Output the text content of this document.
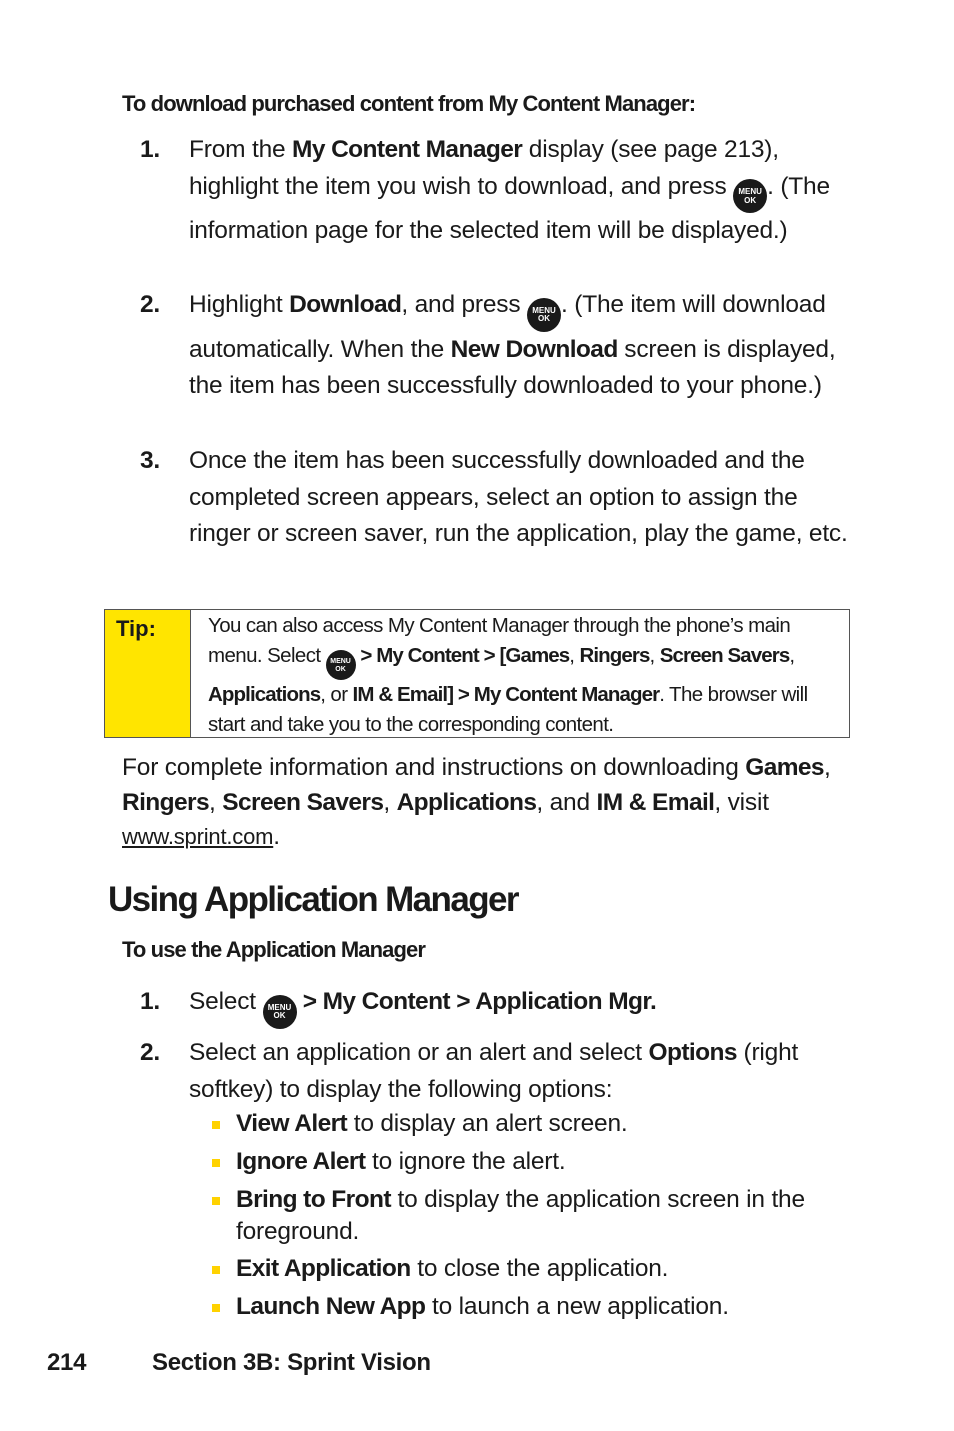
To download purchased content from My Content Manager:
1.	From the My Content Manager display (see page 213), highlight the item you wish to download, and press MENU
OK
. (The information page for the selected item will be displayed.)
2.	Highlight Download, and press MENU
OK
. (The item will download automatically. When the New Download screen is displayed, the item has been successfully downloaded to your phone.)
3.	Once the item has been successfully downloaded and the completed screen appears, select an option to assign the ringer or screen saver, run the application, play the game, etc.
Tip:	You can also access My Content Manager through the phone’s main menu. Select MENU
OK
> My Content > [Games, Ringers, Screen Savers, Applications, or IM & Email] > My Content Manager. The browser will start and take you to the corresponding content.
For complete information and instructions on downloading Games, Ringers, Screen Savers, Applications, and IM & Email, visit www.sprint.com.
Using Application Manager
To use the Application Manager
1.	Select MENU
OK
> My Content > Application Mgr.
2.	Select an application or an alert and select Options (right softkey) to display the following options:
View Alert to display an alert screen.
Ignore Alert to ignore the alert.
Bring to Front to display the application screen in the foreground.
Exit Application to close the application.
Launch New App to launch a new application.
214	Section 3B: Sprint Vision
